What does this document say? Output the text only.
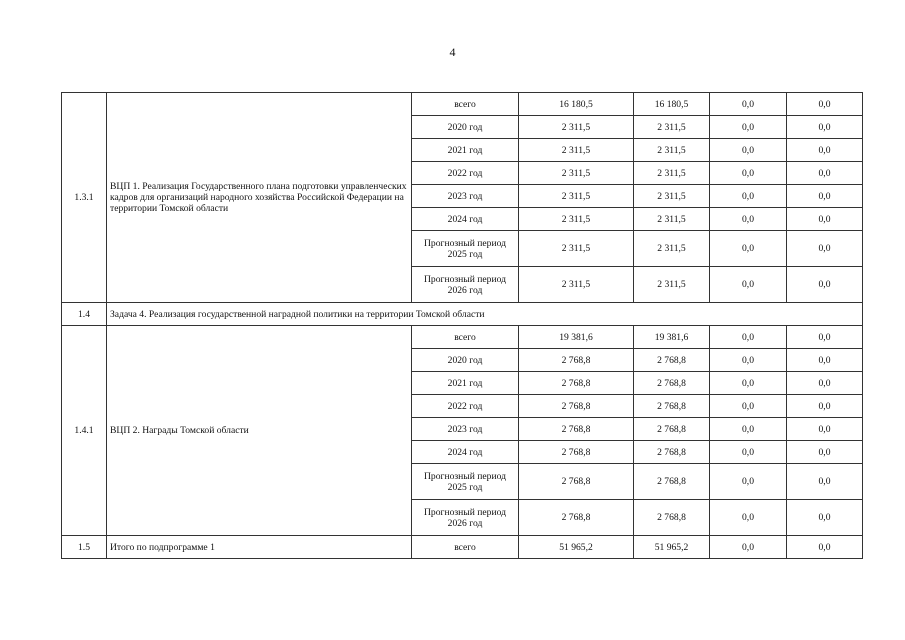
4
1.3.1	ВЦП 1. Реализация Государственного плана подготовки управленческих кадров для организаций народного хозяйства Российской Федерации на территории Томской области	всего	16 180,5	16 180,5	0,0	0,0
		2020 год	2 311,5	2 311,5	0,0	0,0
		2021 год	2 311,5	2 311,5	0,0	0,0
		2022 год	2 311,5	2 311,5	0,0	0,0
		2023 год	2 311,5	2 311,5	0,0	0,0
		2024 год	2 311,5	2 311,5	0,0	0,0
		Прогнозный период 2025 год	2 311,5	2 311,5	0,0	0,0
		Прогнозный период 2026 год	2 311,5	2 311,5	0,0	0,0
1.4	Задача 4. Реализация государственной наградной политики на территории Томской области					
1.4.1	ВЦП 2. Награды Томской области	всего	19 381,6	19 381,6	0,0	0,0
		2020 год	2 768,8	2 768,8	0,0	0,0
		2021 год	2 768,8	2 768,8	0,0	0,0
		2022 год	2 768,8	2 768,8	0,0	0,0
		2023 год	2 768,8	2 768,8	0,0	0,0
		2024 год	2 768,8	2 768,8	0,0	0,0
		Прогнозный период 2025 год	2 768,8	2 768,8	0,0	0,0
		Прогнозный период 2026 год	2 768,8	2 768,8	0,0	0,0
1.5	Итого по подпрограмме 1	всего	51 965,2	51 965,2	0,0	0,0
